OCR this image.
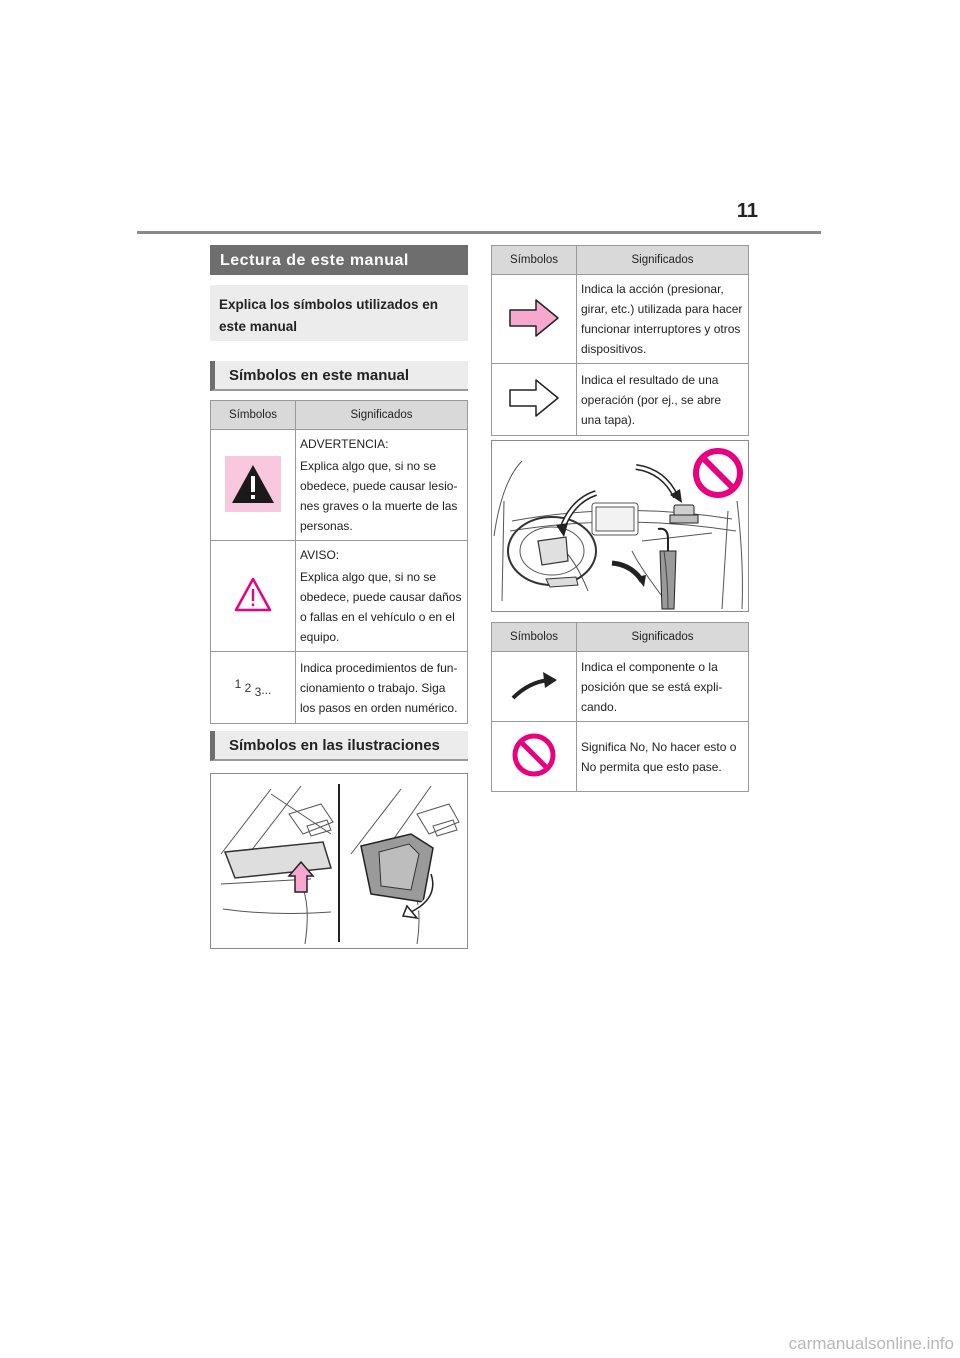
11
Lectura de este manual
Explica los símbolos utilizados en este manual
Símbolos en este manual
Símbolos	Significados

ADVERTENCIA:
Explica algo que, si no se obedece, puede causar lesio-nes graves o la muerte de las personas.

AVISO:
Explica algo que, si no se obedece, puede causar daños o fallas en el vehículo o en el equipo.

1 2 3...	Indica procedimientos de fun-cionamiento o trabajo. Siga los pasos en orden numérico.
Símbolos en las ilustraciones
Símbolos	Significados
	Indica la acción (presionar, girar, etc.) utilizada para hacer funcionar interruptores y otros dispositivos.
	Indica el resultado de una operación (por ej., se abre una tapa).
Símbolos	Significados
	Indica el componente o la posición que se está expli-cando.
	Significa No, No hacer esto o No permita que esto pase.
carmanualsonline.info
